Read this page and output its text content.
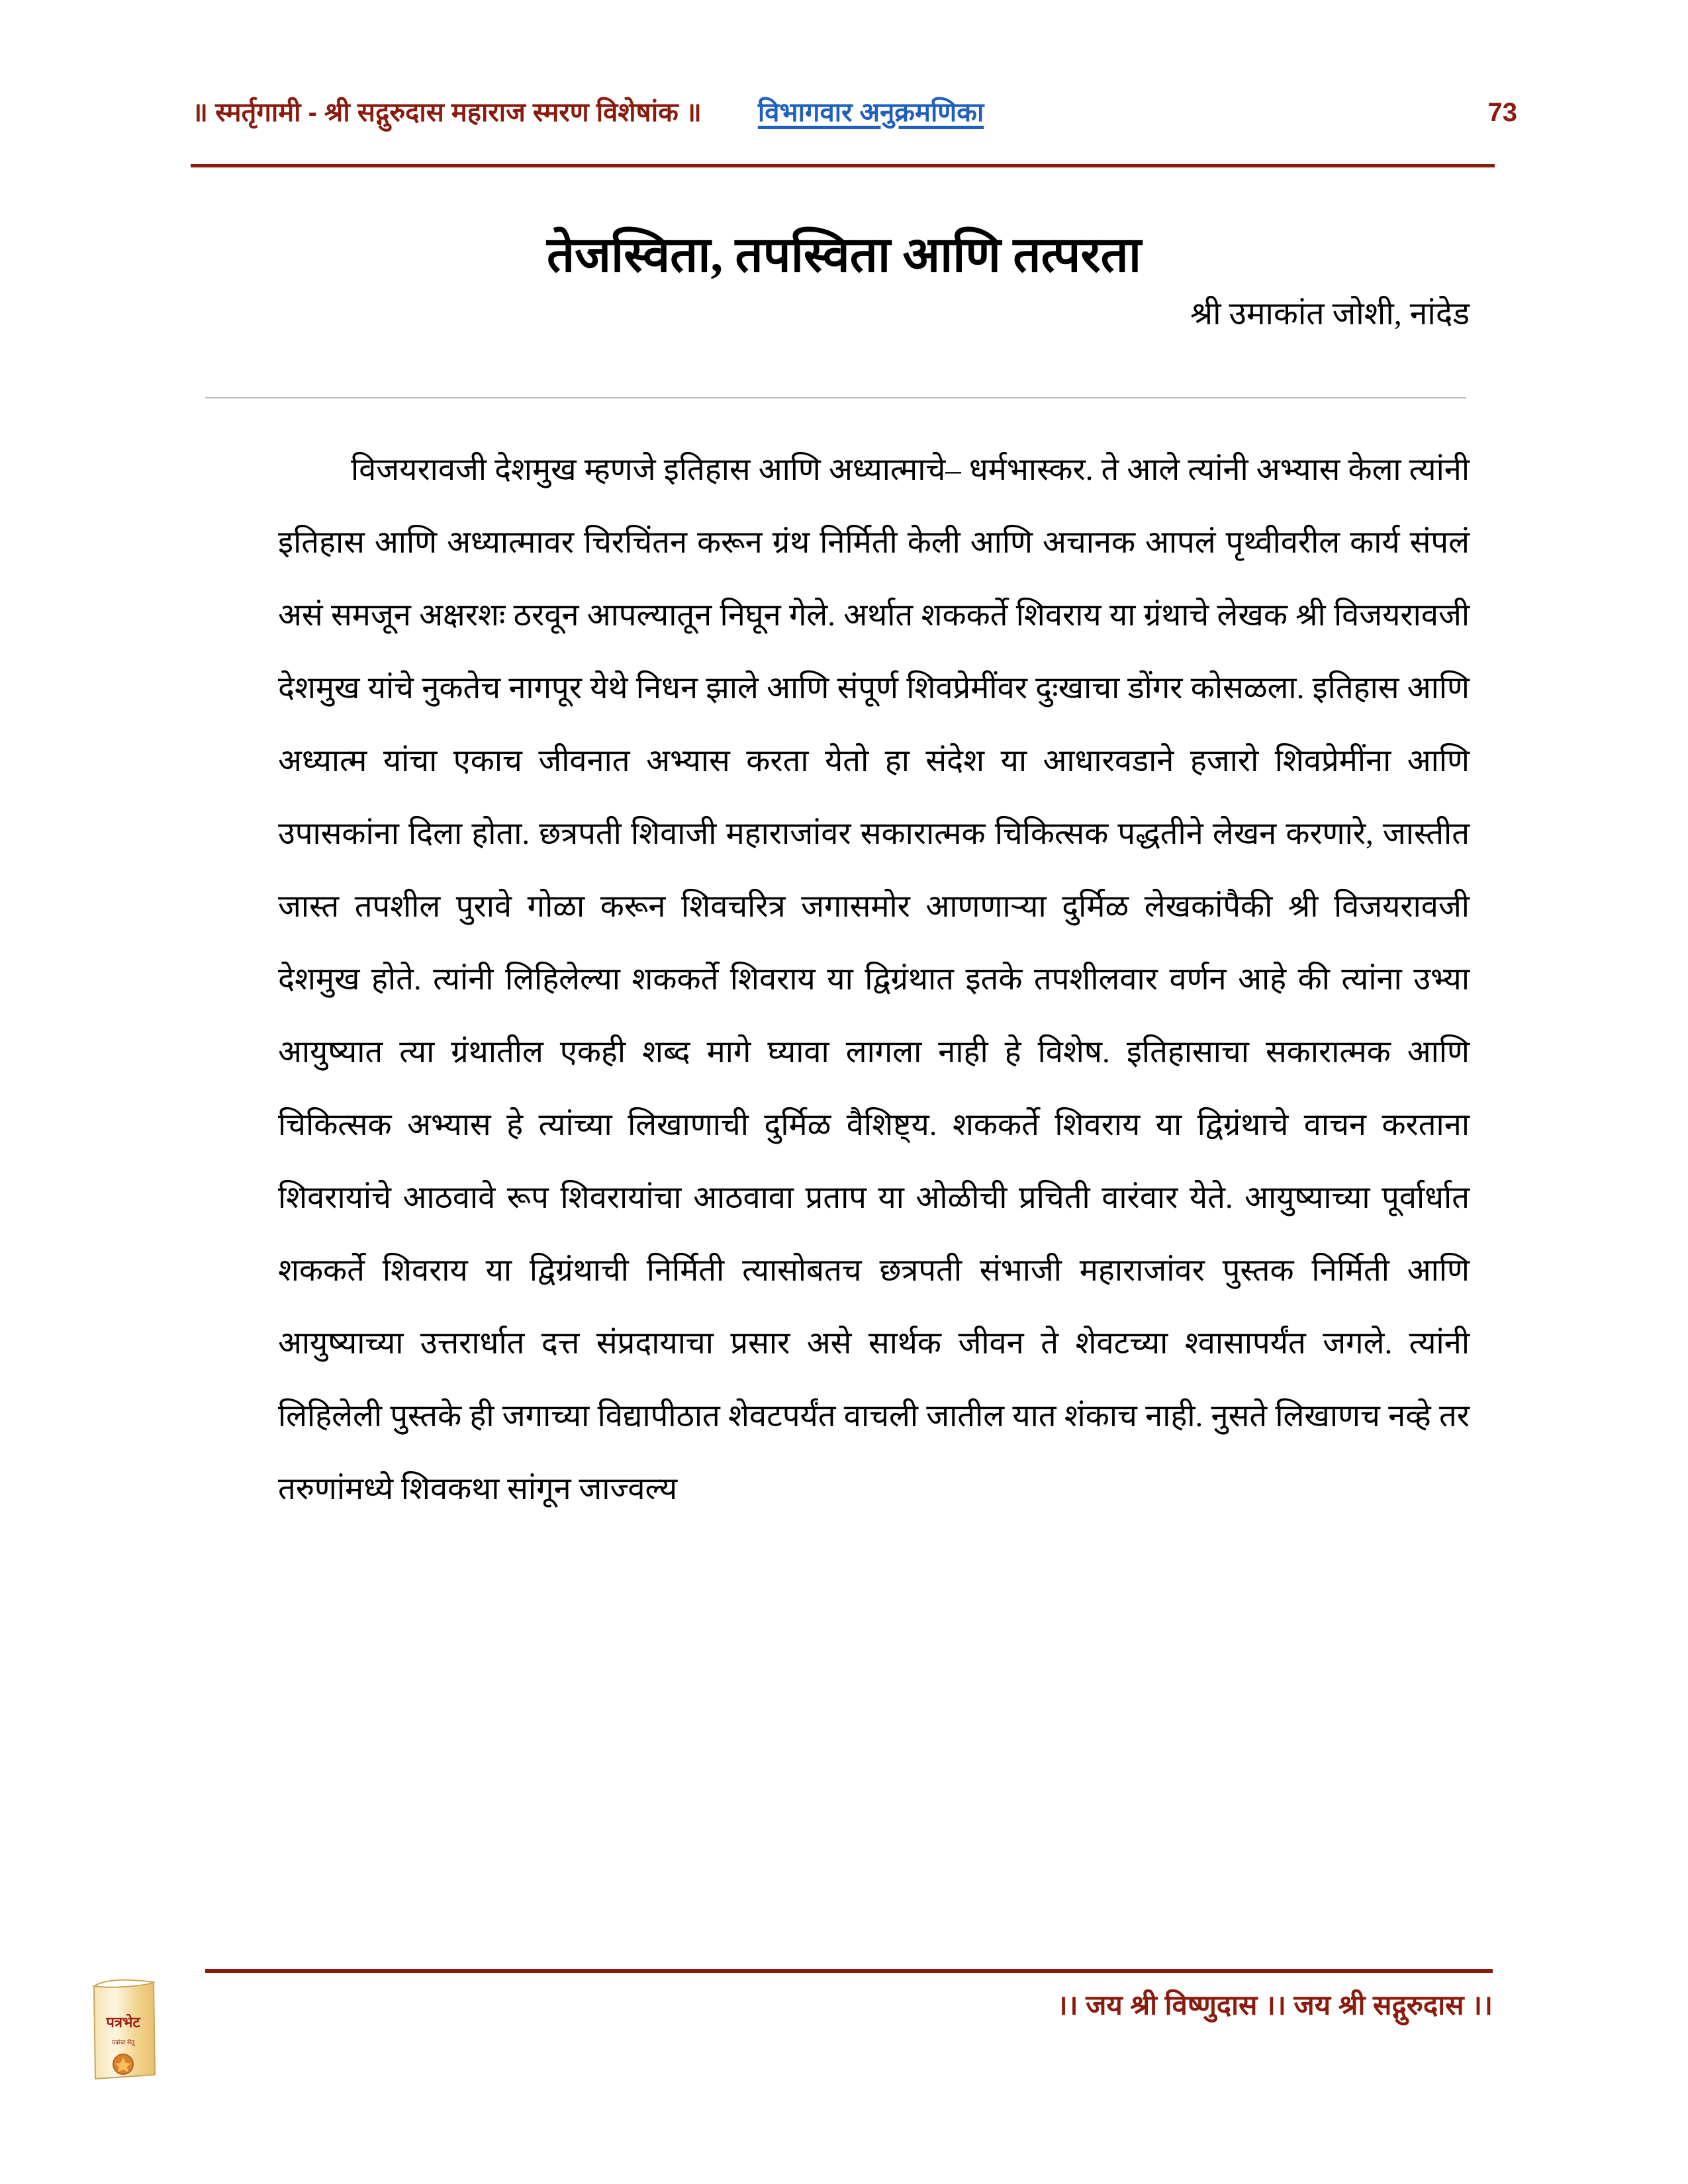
॥ स्मर्तृगामी - श्री सद्गुरुदास महाराज स्मरण विशेषांक ॥ विभागवार अनुक्रमणिका	73
तेजस्विता, तपस्विता आणि तत्परता
श्री उमाकांत जोशी, नांदेड

विजयरावजी देशमुख म्हणजे इतिहास आणि अध्यात्माचे– धर्मभास्कर. ते आले त्यांनी अभ्यास केला त्यांनी इतिहास आणि अध्यात्मावर चिरचिंतन करून ग्रंथ निर्मिती केली आणि अचानक आपलं पृथ्वीवरील कार्य संपलं असं समजून अक्षरशः ठरवून आपल्यातून निघून गेले. अर्थात शककर्ते शिवराय या ग्रंथाचे लेखक श्री विजयरावजी देशमुख यांचे नुकतेच नागपूर येथे निधन झाले आणि संपूर्ण शिवप्रेमींवर दुःखाचा डोंगर कोसळला. इतिहास आणि अध्यात्म यांचा एकाच जीवनात अभ्यास करता येतो हा संदेश या आधारवडाने हजारो शिवप्रेमींना आणि उपासकांना दिला होता. छत्रपती शिवाजी महाराजांवर सकारात्मक चिकित्सक पद्धतीने लेखन करणारे, जास्तीत जास्त तपशील पुरावे गोळा करून शिवचरित्र जगासमोर आणणाऱ्या दुर्मिळ लेखकांपैकी श्री विजयरावजी देशमुख होते. त्यांनी लिहिलेल्या शककर्ते शिवराय या द्विग्रंथात इतके तपशीलवार वर्णन आहे की त्यांना उभ्या आयुष्यात त्या ग्रंथातील एकही शब्द मागे घ्यावा लागला नाही हे विशेष. इतिहासाचा सकारात्मक आणि चिकित्सक अभ्यास हे त्यांच्या लिखाणाची दुर्मिळ वैशिष्ट्य. शककर्ते शिवराय या द्विग्रंथाचे वाचन करताना शिवरायांचे आठवावे रूप शिवरायांचा आठवावा प्रताप या ओळीची प्रचिती वारंवार येते. आयुष्याच्या पूर्वार्धात शककर्ते शिवराय या द्विग्रंथाची निर्मिती त्यासोबतच छत्रपती संभाजी महाराजांवर पुस्तक निर्मिती आणि आयुष्याच्या उत्तरार्धात दत्त संप्रदायाचा प्रसार असे सार्थक जीवन ते शेवटच्या श्वासापर्यंत जगले. त्यांनी लिहिलेली पुस्तके ही जगाच्या विद्यापीठात शेवटपर्यंत वाचली जातील यात शंकाच नाही. नुसते लिखाणच नव्हे तर तरुणांमध्ये शिवकथा सांगून जाज्वल्य

।। जय श्री विष्णुदास ।। जय श्री सद्गुरुदास ।।
पत्रभेट
पत्रांचा सेतू
